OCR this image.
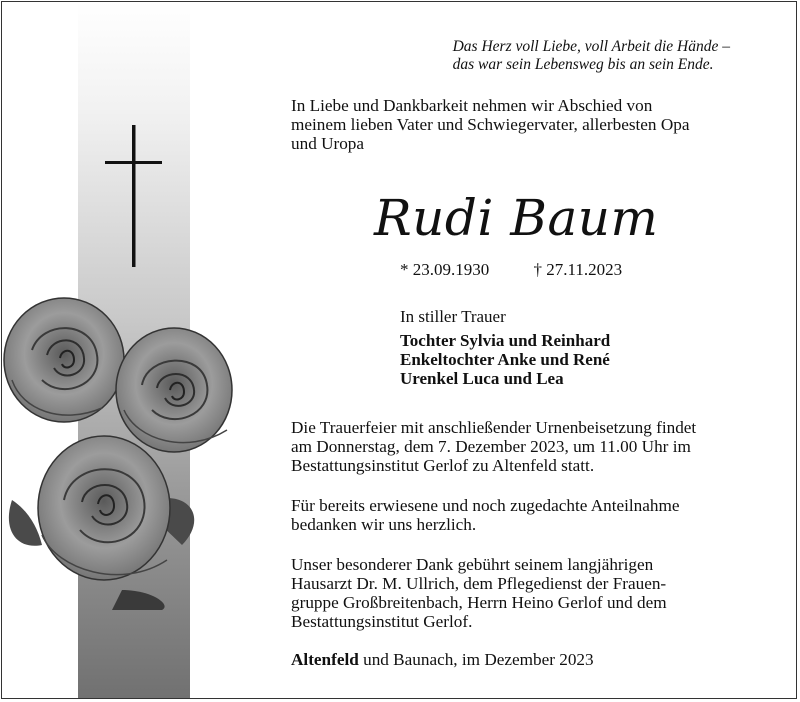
Das Herz voll Liebe, voll Arbeit die Hände –
das war sein Lebensweg bis an sein Ende.
In Liebe und Dankbarkeit nehmen wir Abschied von
meinem lieben Vater und Schwiegervater, allerbesten Opa
und Uropa
Rudi Baum
* 23.09.1930	† 27.11.2023
In stiller Trauer
Tochter Sylvia und Reinhard
Enkeltochter Anke und René
Urenkel Luca und Lea
Die Trauerfeier mit anschließender Urnenbeisetzung findet
am Donnerstag, dem 7. Dezember 2023, um 11.00 Uhr im
Bestattungsinstitut Gerlof zu Altenfeld statt.
Für bereits erwiesene und noch zugedachte Anteilnahme
bedanken wir uns herzlich.
Unser besonderer Dank gebührt seinem langjährigen
Hausarzt Dr. M. Ullrich, dem Pflegedienst der Frauen-
gruppe Großbreitenbach, Herrn Heino Gerlof und dem
Bestattungsinstitut Gerlof.
Altenfeld und Baunach, im Dezember 2023
